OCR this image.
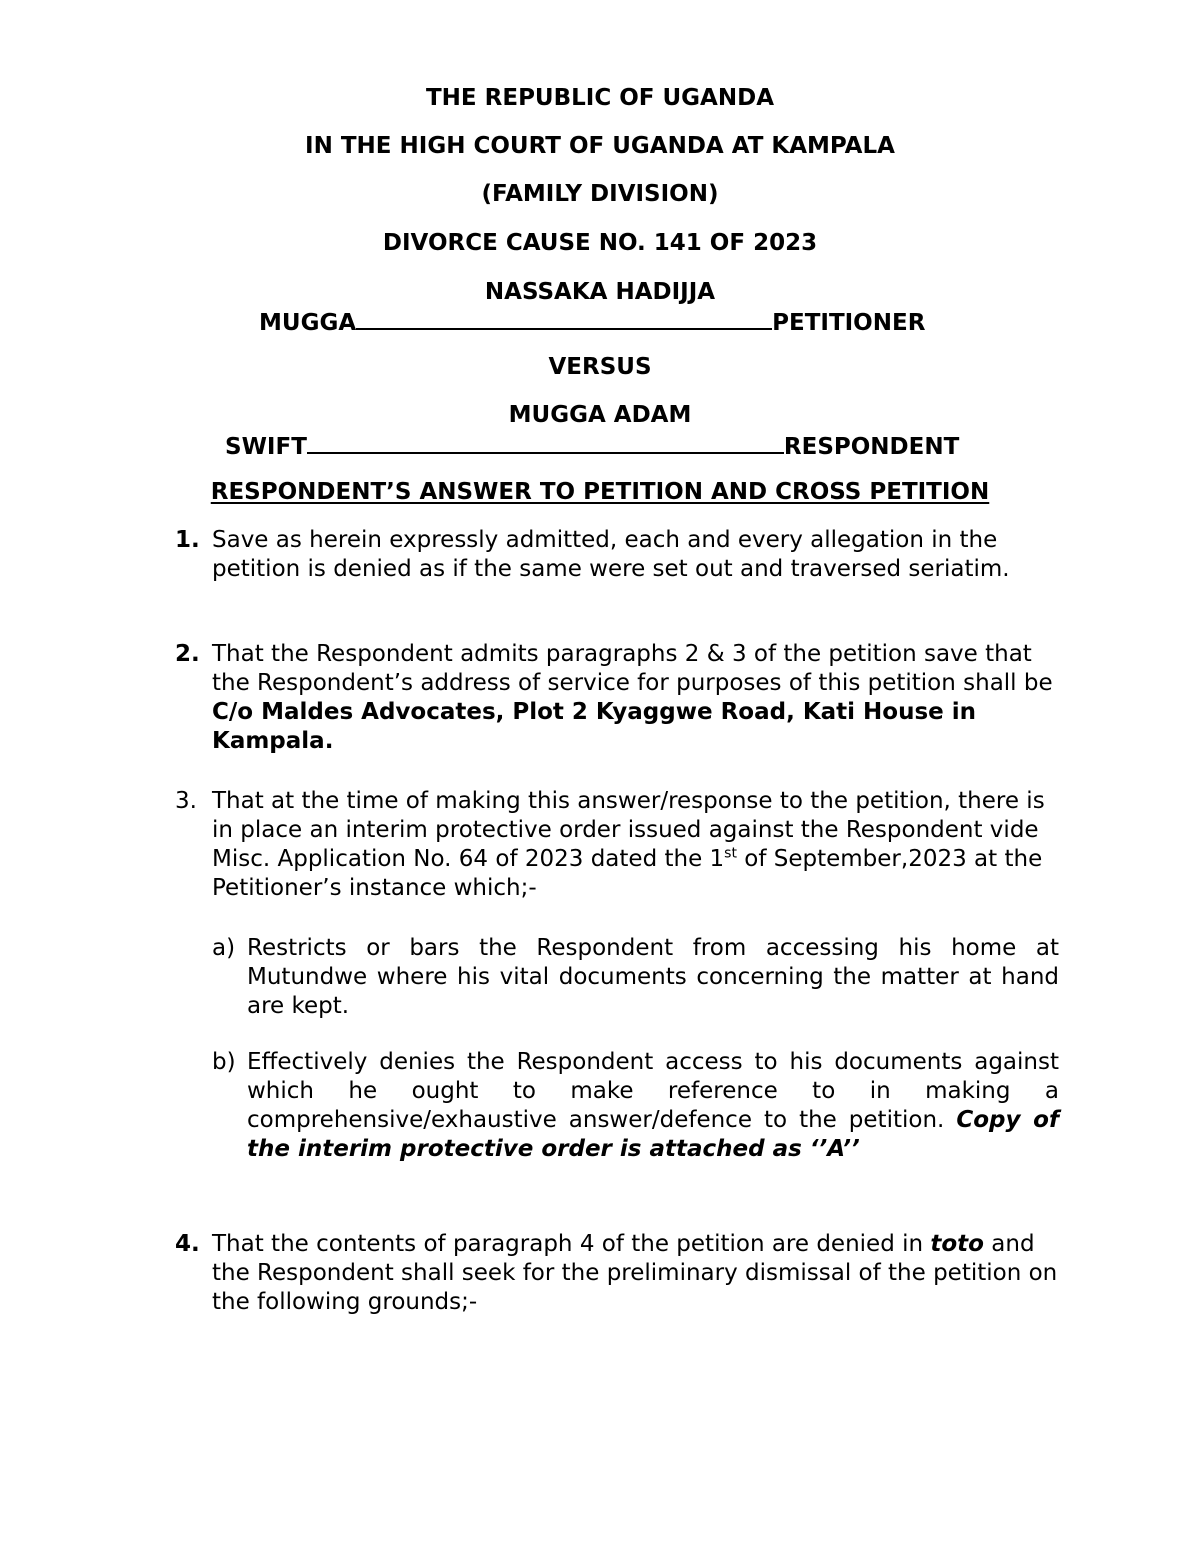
THE REPUBLIC OF UGANDA
IN THE HIGH COURT OF UGANDA AT KAMPALA
(FAMILY DIVISION)
DIVORCE CAUSE NO. 141 OF 2023
NASSAKA HADIJJA
MUGGA	PETITIONER
VERSUS
MUGGA ADAM
SWIFT	RESPONDENT
RESPONDENT’S ANSWER TO PETITION AND CROSS PETITION
1. Save as herein expressly admitted, each and every allegation in the petition is denied as if the same were set out and traversed seriatim.
2. That the Respondent admits paragraphs 2 & 3 of the petition save that the Respondent’s address of service for purposes of this petition shall be C/o Maldes Advocates, Plot 2 Kyaggwe Road, Kati House in Kampala.
3. That at the time of making this answer/response to the petition, there is in place an interim protective order issued against the Respondent vide Misc. Application No. 64 of 2023 dated the 1st of September,2023 at the Petitioner’s instance which;-
a) Restricts or bars the Respondent from accessing his home at Mutundwe where his vital documents concerning the matter at hand are kept.
b) Effectively denies the Respondent access to his documents against which he ought to make reference to in making a comprehensive/exhaustive answer/defence to the petition. Copy of the interim protective order is attached as ‘’A’’
4. That the contents of paragraph 4 of the petition are denied in toto and the Respondent shall seek for the preliminary dismissal of the petition on the following grounds;-
